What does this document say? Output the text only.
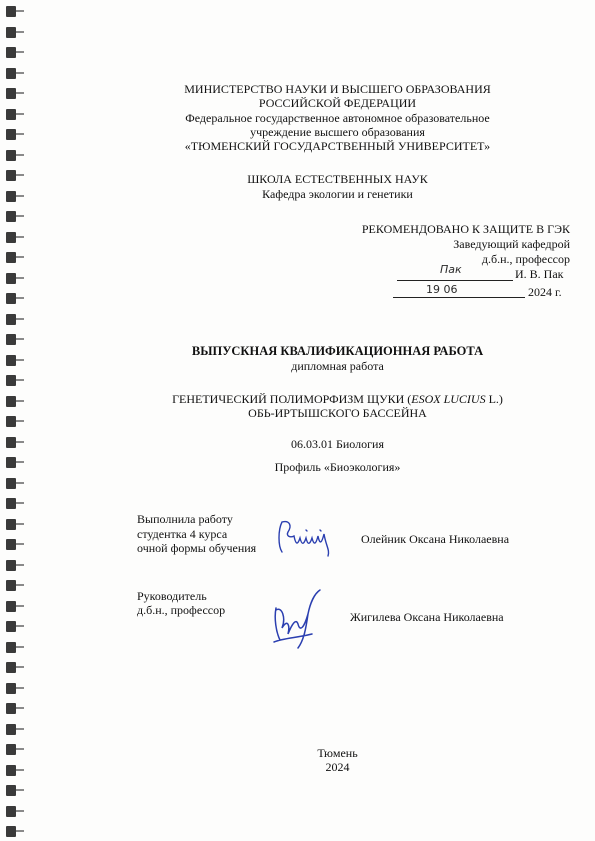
МИНИСТЕРСТВО НАУКИ И ВЫСШЕГО ОБРАЗОВАНИЯ
РОССИЙСКОЙ ФЕДЕРАЦИИ
Федеральное государственное автономное образовательное
учреждение высшего образования
«ТЮМЕНСКИЙ ГОСУДАРСТВЕННЫЙ УНИВЕРСИТЕТ»
ШКОЛА ЕСТЕСТВЕННЫХ НАУК
Кафедра экологии и генетики
РЕКОМЕНДОВАНО К ЗАЩИТЕ В ГЭК
Заведующий кафедрой
д.б.н., профессор
Пак	И. В. Пак
19 06	2024 г.
ВЫПУСКНАЯ КВАЛИФИКАЦИОННАЯ РАБОТА
дипломная работа
ГЕНЕТИЧЕСКИЙ ПОЛИМОРФИЗМ ЩУКИ (ESOX LUCIUS L.)
ОБЬ-ИРТЫШСКОГО БАССЕЙНА
06.03.01 Биология
Профиль «Биоэкология»
Выполнила работу
студентка 4 курса
очной формы обучения
Олейник Оксана Николаевна
Руководитель
д.б.н., профессор	Жигилева Оксана Николаевна
Тюмень
2024
